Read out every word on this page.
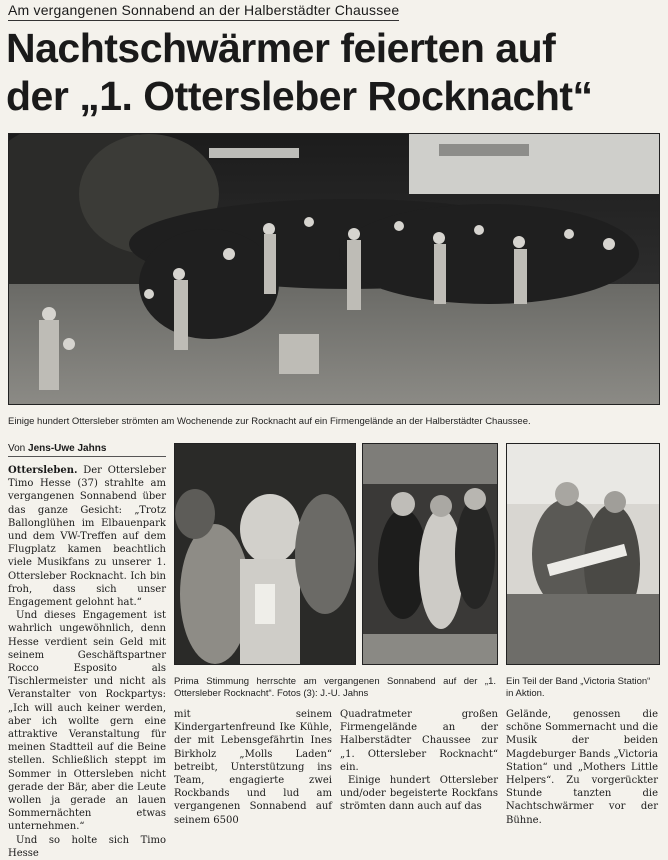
Am vergangenen Sonnabend an der Halberstädter Chaussee
Nachtschwärmer feierten auf
der „1. Ottersleber Rocknacht“
Einige hundert Ottersleber strömten am Wochenende zur Rocknacht auf ein Firmengelände an der Halberstädter Chaussee.
Von Jens-Uwe Jahns

Ottersleben. Der Ottersleber Timo Hesse (37) strahlte am vergangenen Sonnabend über das ganze Gesicht: „Trotz Ballonglühen im Elbauenpark und dem VW-Treffen auf dem Flugplatz kamen beachtlich viele Musikfans zu unserer 1. Ottersleber Rocknacht. Ich bin froh, dass sich unser Engagement gelohnt hat.“

Und dieses Engagement ist wahrlich ungewöhnlich, denn Hesse verdient sein Geld mit seinem Geschäftspartner Rocco Esposito als Tischlermeister und nicht als Veranstalter von Rockpartys: „Ich will auch keiner werden, aber ich wollte gern eine attraktive Veranstaltung für meinen Stadtteil auf die Beine stellen. Schließlich steppt im Sommer in Ottersleben nicht gerade der Bär, aber die Leute wollen ja gerade an lauen Sommernächten etwas unternehmen.“

Und so holte sich Timo Hesse

Prima Stimmung herrschte am vergangenen Sonnabend auf der „1. Ottersleber Rocknacht“. Fotos (3): J.-U. Jahns
Ein Teil der Band „Victoria Station“ in Aktion.

mit seinem Kindergartenfreund Ike Kühle, der mit Lebensgefährtin Ines Birkholz „Molls Laden“ betreibt, Unterstützung ins Team, engagierte zwei Rockbands und lud am vergangenen Sonnabend auf seinem 6500

Quadratmeter großen Firmengelände an der Halberstädter Chaussee zur „1. Ottersleber Rocknacht“ ein.

Einige hundert Ottersleber und/oder begeisterte Rockfans strömten dann auch auf das

Gelände, genossen die schöne Sommernacht und die Musik der beiden Magdeburger Bands „Victoria Station“ und „Mothers Little Helpers“. Zu vorgerückter Stunde tanzten die Nachtschwärmer vor der Bühne.
